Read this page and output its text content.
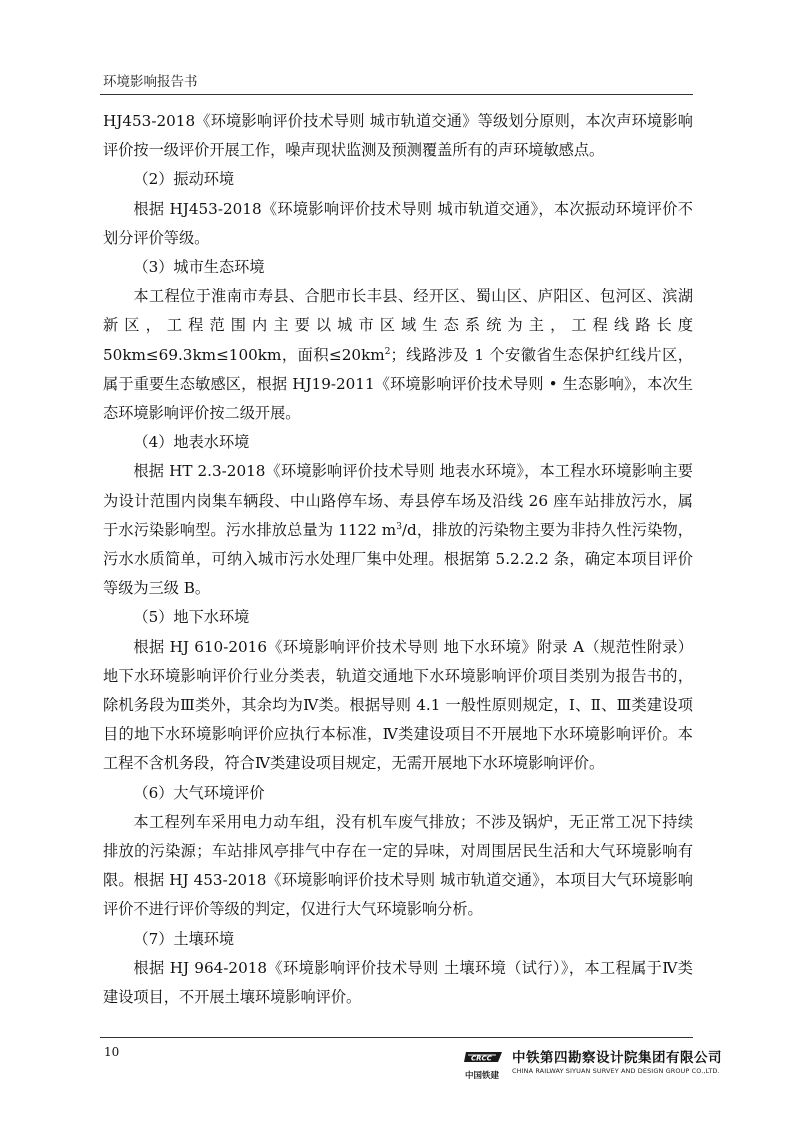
环境影响报告书

HJ453-2018《环境影响评价技术导则 城市轨道交通》等级划分原则，本次声环境影响评价按一级评价开展工作，噪声现状监测及预测覆盖所有的声环境敏感点。

（2）振动环境

根据 HJ453-2018《环境影响评价技术导则 城市轨道交通》，本次振动环境评价不划分评价等级。

（3）城市生态环境

本工程位于淮南市寿县、合肥市长丰县、经开区、蜀山区、庐阳区、包河区、滨湖新区，工程范围内主要以城市区域生态系统为主，工程线路长度 50km≤69.3km≤100km，面积$\le 20km^2$；线路涉及 1 个安徽省生态保护红线片区，属于重要生态敏感区，根据 HJ19-2011《环境影响评价技术导则 • 生态影响》，本次生态环境影响评价按二级开展。

（4）地表水环境

根据 HT 2.3-2018《环境影响评价技术导则 地表水环境》，本工程水环境影响主要为设计范围内岗集车辆段、中山路停车场、寿县停车场及沿线 26 座车站排放污水，属于水污染影响型。污水排放总量为 1122 $m^3/d$，排放的污染物主要为非持久性污染物，污水水质简单，可纳入城市污水处理厂集中处理。根据第 5.2.2.2 条，确定本项目评价等级为三级 B。

（5）地下水环境

根据 HJ 610-2016《环境影响评价技术导则 地下水环境》附录 A（规范性附录）地下水环境影响评价行业分类表，轨道交通地下水环境影响评价项目类别为报告书的，除机务段为Ⅲ类外，其余均为Ⅳ类。根据导则 4.1 一般性原则规定，Ⅰ、Ⅱ、Ⅲ类建设项目的地下水环境影响评价应执行本标准，Ⅳ类建设项目不开展地下水环境影响评价。本工程不含机务段，符合Ⅳ类建设项目规定，无需开展地下水环境影响评价。

（6）大气环境评价

本工程列车采用电力动车组，没有机车废气排放；不涉及锅炉，无正常工况下持续排放的污染源；车站排风亭排气中存在一定的异味，对周围居民生活和大气环境影响有限。根据 HJ 453-2018《环境影响评价技术导则 城市轨道交通》，本项目大气环境影响评价不进行评价等级的判定，仅进行大气环境影响分析。

（7）土壤环境

根据 HJ 964-2018《环境影响评价技术导则 土壤环境（试行）》，本工程属于Ⅳ类建设项目，不开展土壤环境影响评价。

10	CRCC
中国铁建
中铁第四勘察设计院集团有限公司
CHINA RAILWAY SIYUAN SURVEY AND DESIGN GROUP CO.,LTD.
